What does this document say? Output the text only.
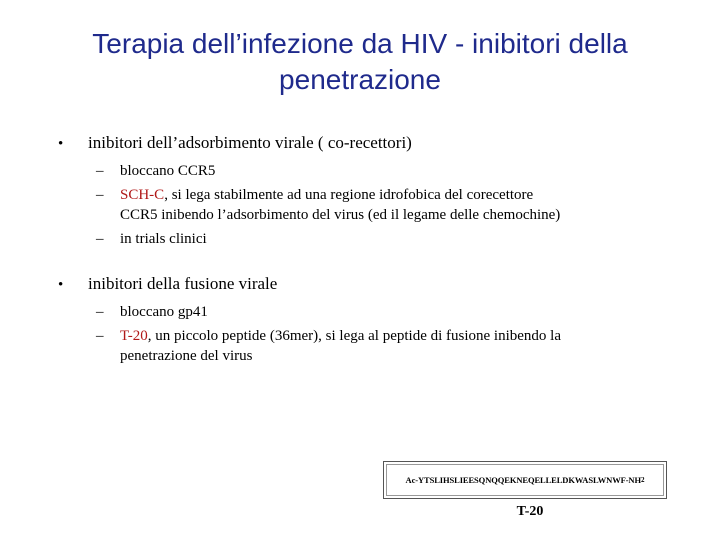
Terapia dell’infezione da HIV - inibitori della
penetrazione

•	inibitori dell’adsorbimento virale ( co-recettori)

–	bloccano CCR5
–	SCH-C, si lega stabilmente ad una regione idrofobica del corecettore
CCR5 inibendo l’adsorbimento del virus (ed il legame delle chemochine)
–	in trials clinici

•	inibitori della fusione virale

–	bloccano gp41
–	T-20, un piccolo peptide (36mer), si lega al peptide di fusione inibendo la
penetrazione del virus
Ac-YTSLIHSLIEESQNQQEKNEQELLELDKWASLWNWF-NH 2
T-20
